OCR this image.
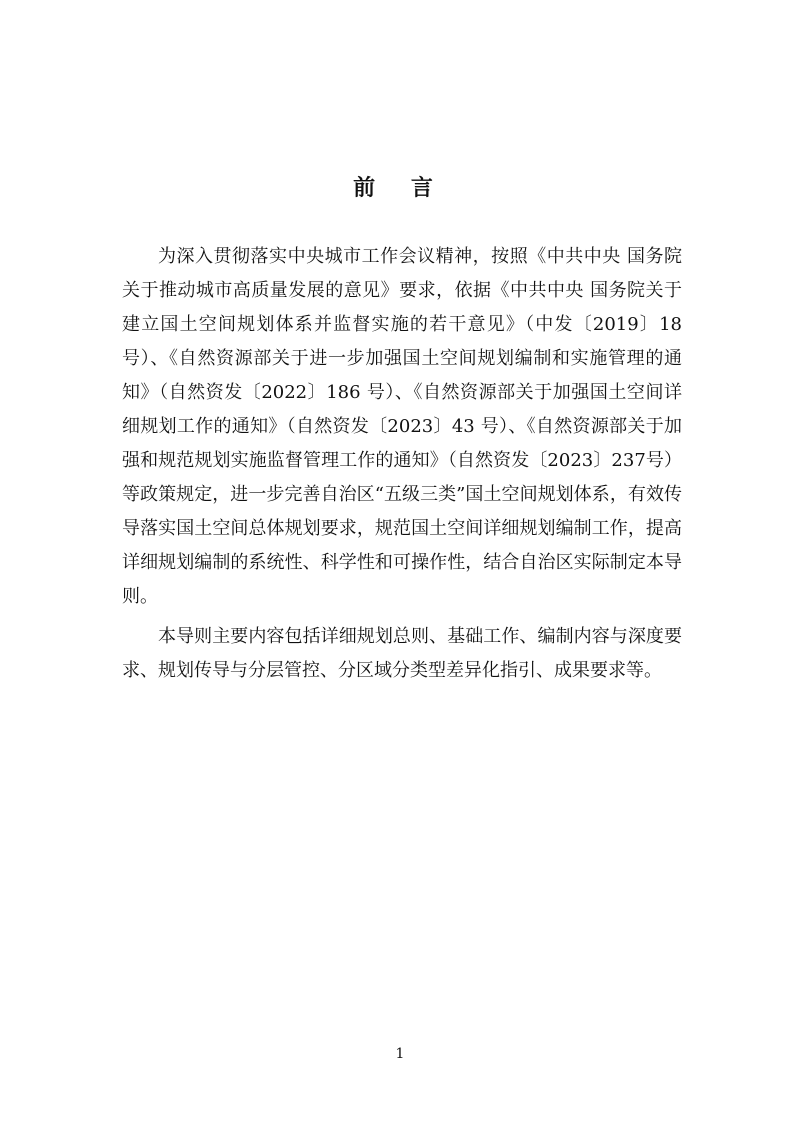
前 言

为深入贯彻落实中央城市工作会议精神，按照《中共中央 国务院关于推动城市高质量发展的意见》要求，依据《中共中央 国务院关于建立国土空间规划体系并监督实施的若干意见》（中发〔2019〕18 号）、《自然资源部关于进一步加强国土空间规划编制和实施管理的通知》（自然资发〔2022〕186 号）、《自然资源部关于加强国土空间详细规划工作的通知》（自然资发〔2023〕43 号）、《自然资源部关于加强和规范规划实施监督管理工作的通知》（自然资发〔2023〕237号）等政策规定，进一步完善自治区“五级三类”国土空间规划体系，有效传导落实国土空间总体规划要求，规范国土空间详细规划编制工作，提高详细规划编制的系统性、科学性和可操作性，结合自治区实际制定本导则。

本导则主要内容包括详细规划总则、基础工作、编制内容与深度要求、规划传导与分层管控、分区域分类型差异化指引、成果要求等。

1
